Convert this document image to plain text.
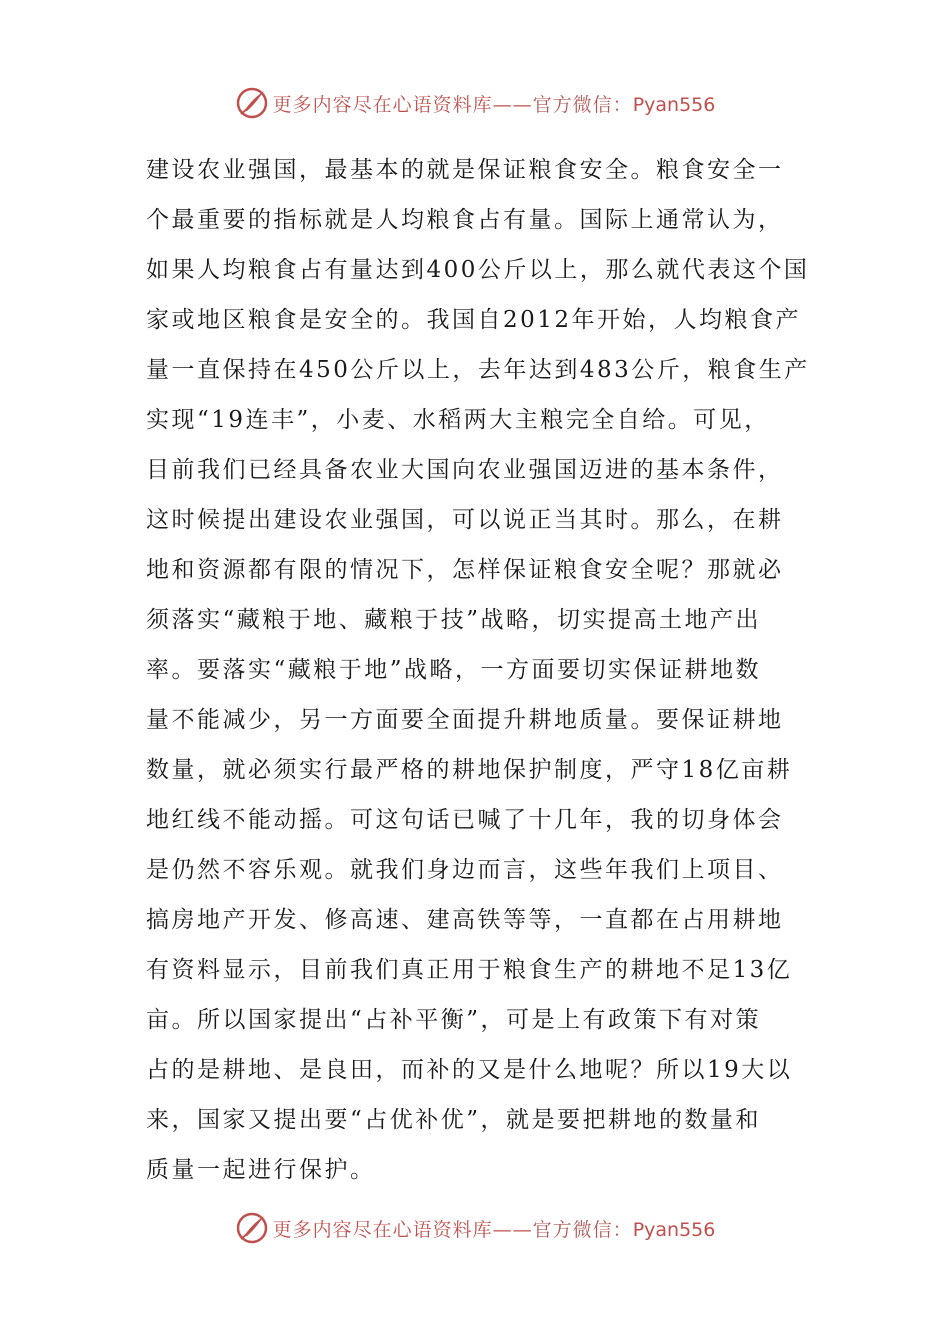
更多内容尽在心语资料库——官方微信：Pyan556
建设农业强国，最基本的就是保证粮食安全。粮食安全一
个最重要的指标就是人均粮食占有量。国际上通常认为，
如果人均粮食占有量达到400公斤以上，那么就代表这个国
家或地区粮食是安全的。我国自2012年开始，人均粮食产
量一直保持在450公斤以上，去年达到483公斤，粮食生产
实现“19连丰”，小麦、水稻两大主粮完全自给。可见，
目前我们已经具备农业大国向农业强国迈进的基本条件，
这时候提出建设农业强国，可以说正当其时。那么，在耕
地和资源都有限的情况下，怎样保证粮食安全呢？那就必
须落实“藏粮于地、藏粮于技”战略，切实提高土地产出
率。要落实“藏粮于地”战略，一方面要切实保证耕地数
量不能减少，另一方面要全面提升耕地质量。要保证耕地
数量，就必须实行最严格的耕地保护制度，严守18亿亩耕
地红线不能动摇。可这句话已喊了十几年，我的切身体会
是仍然不容乐观。就我们身边而言，这些年我们上项目、
搞房地产开发、修高速、建高铁等等，一直都在占用耕地
有资料显示，目前我们真正用于粮食生产的耕地不足13亿
亩。所以国家提出“占补平衡”，可是上有政策下有对策
占的是耕地、是良田，而补的又是什么地呢？所以19大以
来，国家又提出要“占优补优”，就是要把耕地的数量和
质量一起进行保护。
更多内容尽在心语资料库——官方微信：Pyan556
